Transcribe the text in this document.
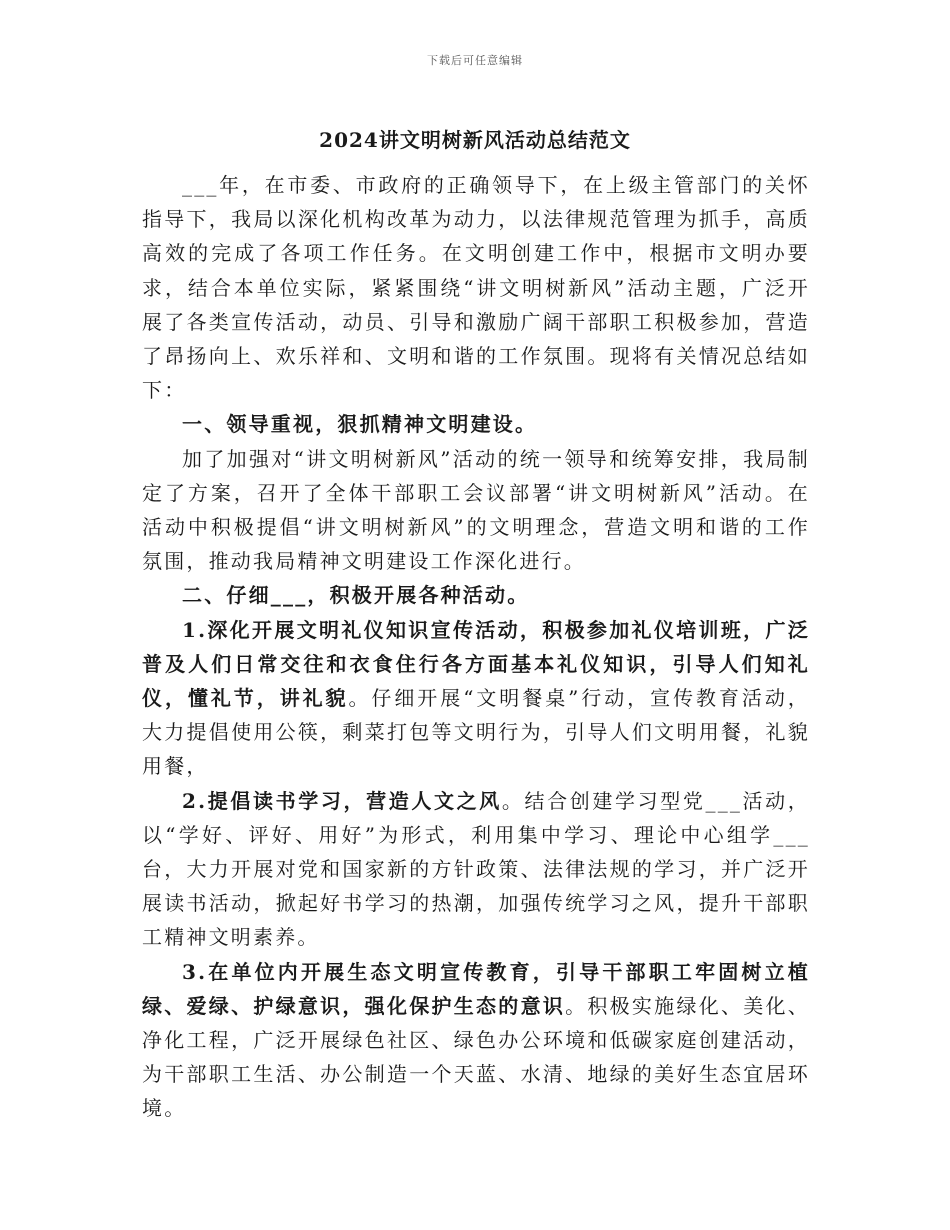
下载后可任意编辑
2024讲文明树新风活动总结范文

___年，在市委、市政府的正确领导下，在上级主管部门的关怀指导下，我局以深化机构改革为动力，以法律规范管理为抓手，高质高效的完成了各项工作任务。在文明创建工作中，根据市文明办要求，结合本单位实际，紧紧围绕“讲文明树新风”活动主题，广泛开展了各类宣传活动，动员、引导和激励广阔干部职工积极参加，营造了昂扬向上、欢乐祥和、文明和谐的工作氛围。现将有关情况总结如下：

一、领导重视，狠抓精神文明建设。

加了加强对“讲文明树新风”活动的统一领导和统筹安排，我局制定了方案，召开了全体干部职工会议部署“讲文明树新风”活动。在活动中积极提倡“讲文明树新风”的文明理念，营造文明和谐的工作氛围，推动我局精神文明建设工作深化进行。

二、仔细___，积极开展各种活动。

1.深化开展文明礼仪知识宣传活动，积极参加礼仪培训班，广泛普及人们日常交往和衣食住行各方面基本礼仪知识，引导人们知礼仪，懂礼节，讲礼貌。仔细开展“文明餐桌”行动，宣传教育活动，大力提倡使用公筷，剩菜打包等文明行为，引导人们文明用餐，礼貌用餐，

2.提倡读书学习，营造人文之风。结合创建学习型党___活动，以“学好、评好、用好”为形式，利用集中学习、理论中心组学___台，大力开展对党和国家新的方针政策、法律法规的学习，并广泛开展读书活动，掀起好书学习的热潮，加强传统学习之风，提升干部职工精神文明素养。

3.在单位内开展生态文明宣传教育，引导干部职工牢固树立植绿、爱绿、护绿意识，强化保护生态的意识。积极实施绿化、美化、净化工程，广泛开展绿色社区、绿色办公环境和低碳家庭创建活动，为干部职工生活、办公制造一个天蓝、水清、地绿的美好生态宜居环境。
